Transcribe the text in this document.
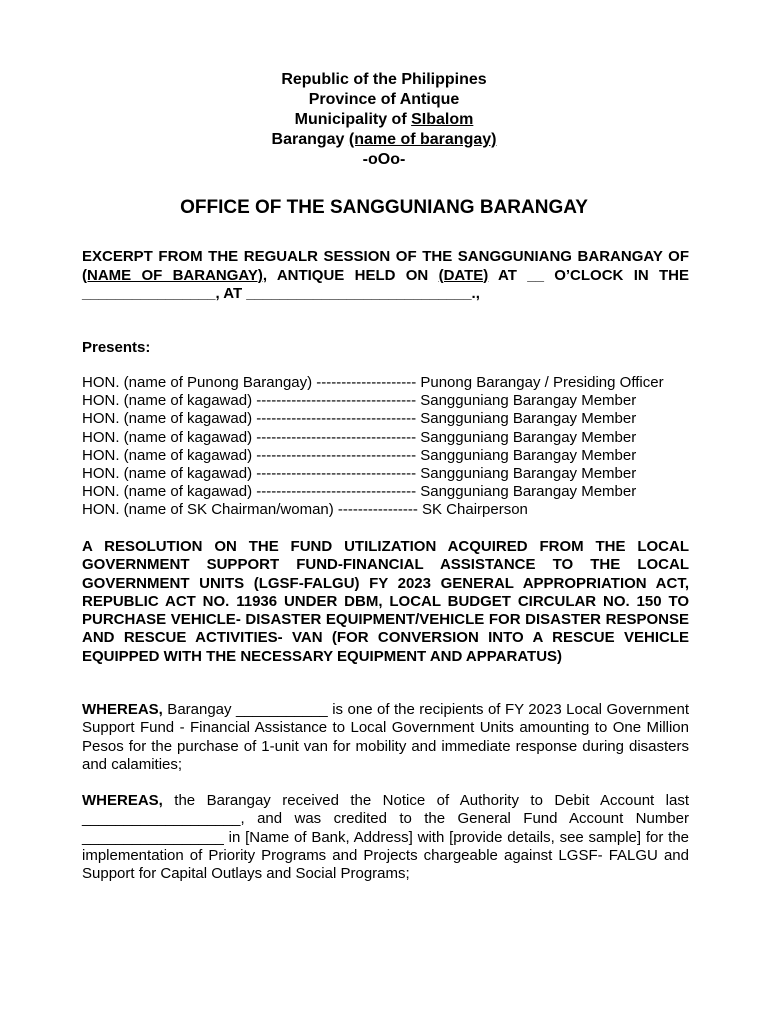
Republic of the Philippines
Province of Antique
Municipality of SIbalom
Barangay (name of barangay)
-oOo-
OFFICE OF THE SANGGUNIANG BARANGAY
EXCERPT FROM THE REGUALR SESSION OF THE SANGGUNIANG BARANGAY OF (NAME OF BARANGAY), ANTIQUE HELD ON (DATE) AT __ O’CLOCK IN THE ________________, AT ___________________________.,
Presents:
HON. (name of Punong Barangay) -------------------- Punong Barangay / Presiding Officer
HON. (name of kagawad) -------------------------------- Sangguniang Barangay Member
HON. (name of kagawad) -------------------------------- Sangguniang Barangay Member
HON. (name of kagawad) -------------------------------- Sangguniang Barangay Member
HON. (name of kagawad) -------------------------------- Sangguniang Barangay Member
HON. (name of kagawad) -------------------------------- Sangguniang Barangay Member
HON. (name of kagawad) -------------------------------- Sangguniang Barangay Member
HON. (name of SK Chairman/woman) ---------------- SK Chairperson
A RESOLUTION ON THE FUND UTILIZATION ACQUIRED FROM THE LOCAL GOVERNMENT SUPPORT FUND-FINANCIAL ASSISTANCE TO THE LOCAL GOVERNMENT UNITS (LGSF-FALGU) FY 2023 GENERAL APPROPRIATION ACT, REPUBLIC ACT NO. 11936 UNDER DBM, LOCAL BUDGET CIRCULAR NO. 150 TO PURCHASE VEHICLE- DISASTER EQUIPMENT/VEHICLE FOR DISASTER RESPONSE AND RESCUE ACTIVITIES- VAN (FOR CONVERSION INTO A RESCUE VEHICLE EQUIPPED WITH THE NECESSARY EQUIPMENT AND APPARATUS)
WHEREAS, Barangay ___________ is one of the recipients of FY 2023 Local Government Support Fund - Financial Assistance to Local Government Units amounting to One Million Pesos for the purchase of 1-unit van for mobility and immediate response during disasters and calamities;
WHEREAS, the Barangay received the Notice of Authority to Debit Account last ___________________, and was credited to the General Fund Account Number _________________ in [Name of Bank, Address] with [provide details, see sample] for the implementation of Priority Programs and Projects chargeable against LGSF- FALGU and Support for Capital Outlays and Social Programs;
